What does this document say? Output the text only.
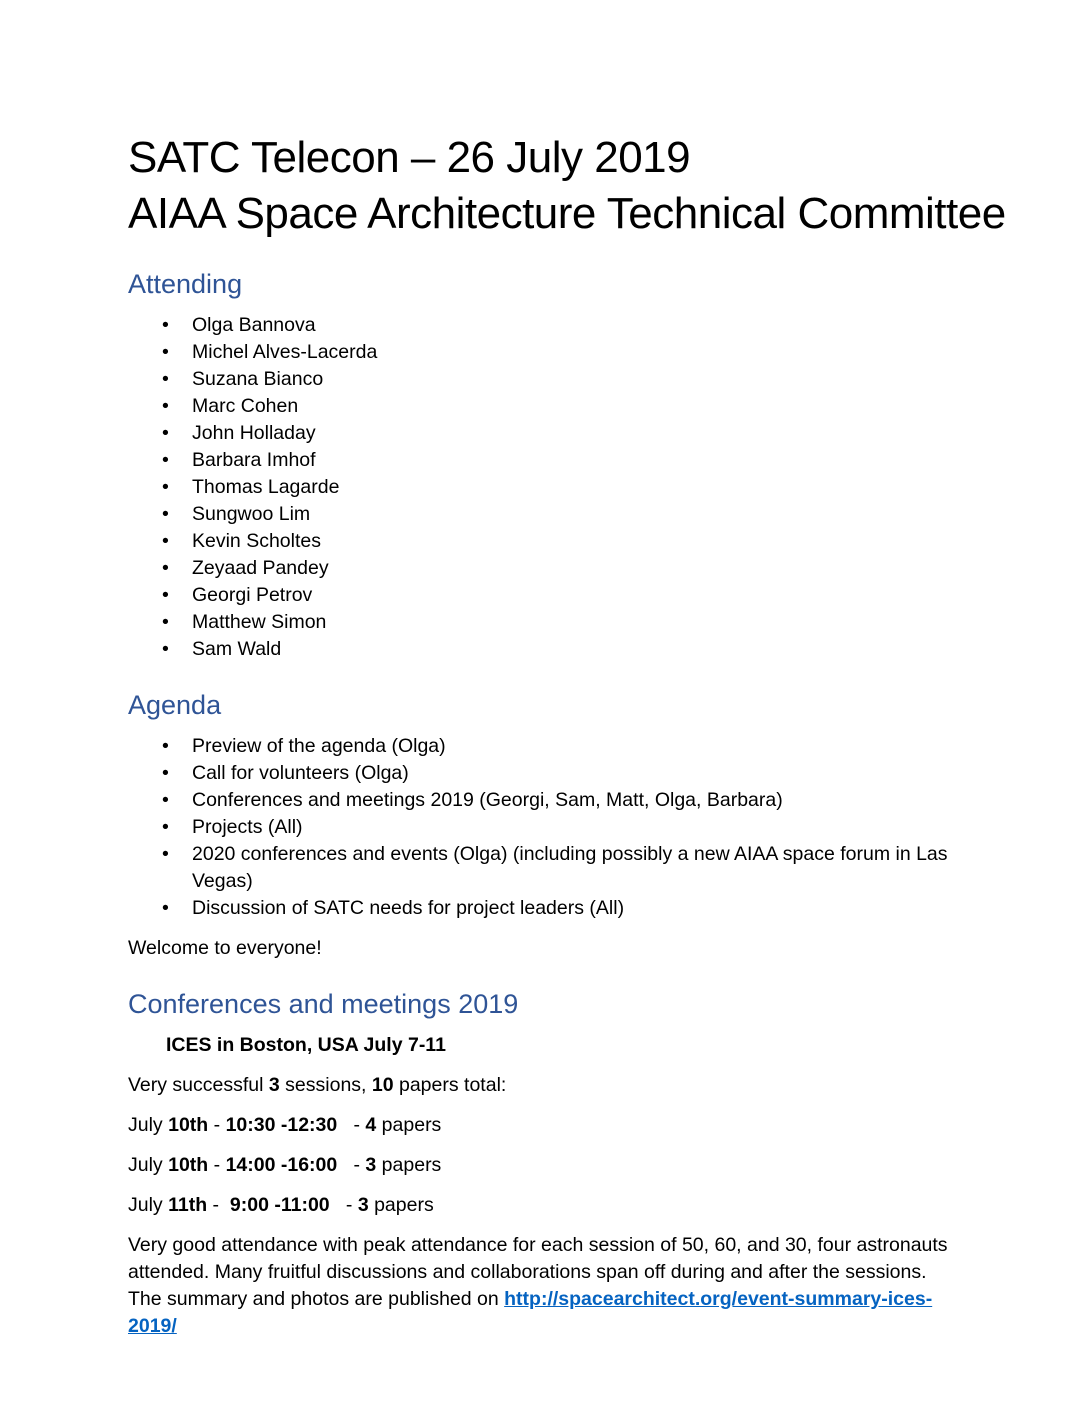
SATC Telecon – 26 July 2019
AIAA Space Architecture Technical Committee
Attending
• Olga Bannova
• Michel Alves-Lacerda
• Suzana Bianco
• Marc Cohen
• John Holladay
• Barbara Imhof
• Thomas Lagarde
• Sungwoo Lim
• Kevin Scholtes
• Zeyaad Pandey
• Georgi Petrov
• Matthew Simon
• Sam Wald
Agenda
• Preview of the agenda (Olga)
• Call for volunteers (Olga)
• Conferences and meetings 2019 (Georgi, Sam, Matt, Olga, Barbara)
• Projects (All)
• 2020 conferences and events (Olga) (including possibly a new AIAA space forum in Las Vegas)
• Discussion of SATC needs for project leaders (All)

Welcome to everyone!

Conferences and meetings 2019

ICES in Boston, USA July 7-11

Very successful 3 sessions, 10 papers total:

July 10th - 10:30 -12:30   - 4 papers

July 10th - 14:00 -16:00   - 3 papers

July 11th -  9:00 -11:00   - 3 papers

Very good attendance with peak attendance for each session of 50, 60, and 30, four astronauts attended. Many fruitful discussions and collaborations span off during and after the sessions. The summary and photos are published on http://spacearchitect.org/event-summary-ices-2019/
